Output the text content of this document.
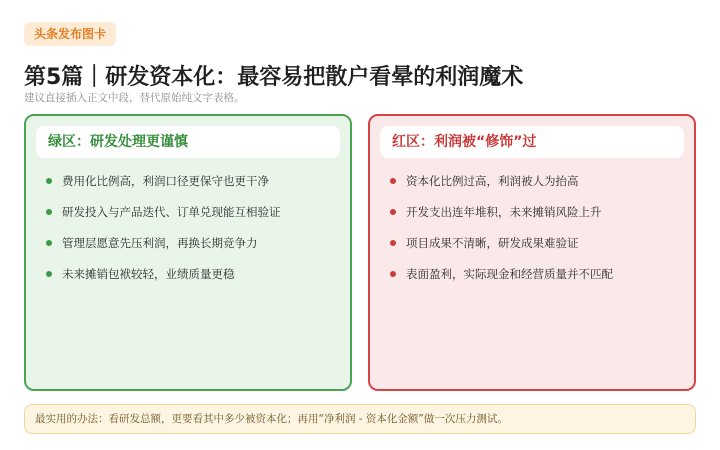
头条发布图卡
第5篇｜研发资本化：最容易把散户看晕的利润魔术
建议直接插入正文中段，替代原始纯文字表格。
绿区：研发处理更谨慎
费用化比例高，利润口径更保守也更干净
研发投入与产品迭代、订单兑现能互相验证
管理层愿意先压利润，再换长期竞争力
未来摊销包袱较轻，业绩质量更稳
红区：利润被“修饰”过
资本化比例过高，利润被人为抬高
开发支出连年堆积，未来摊销风险上升
项目成果不清晰，研发成果难验证
表面盈利，实际现金和经营质量并不匹配
最实用的办法：看研发总额，更要看其中多少被资本化；再用“净利润 - 资本化金额”做一次压力测试。
